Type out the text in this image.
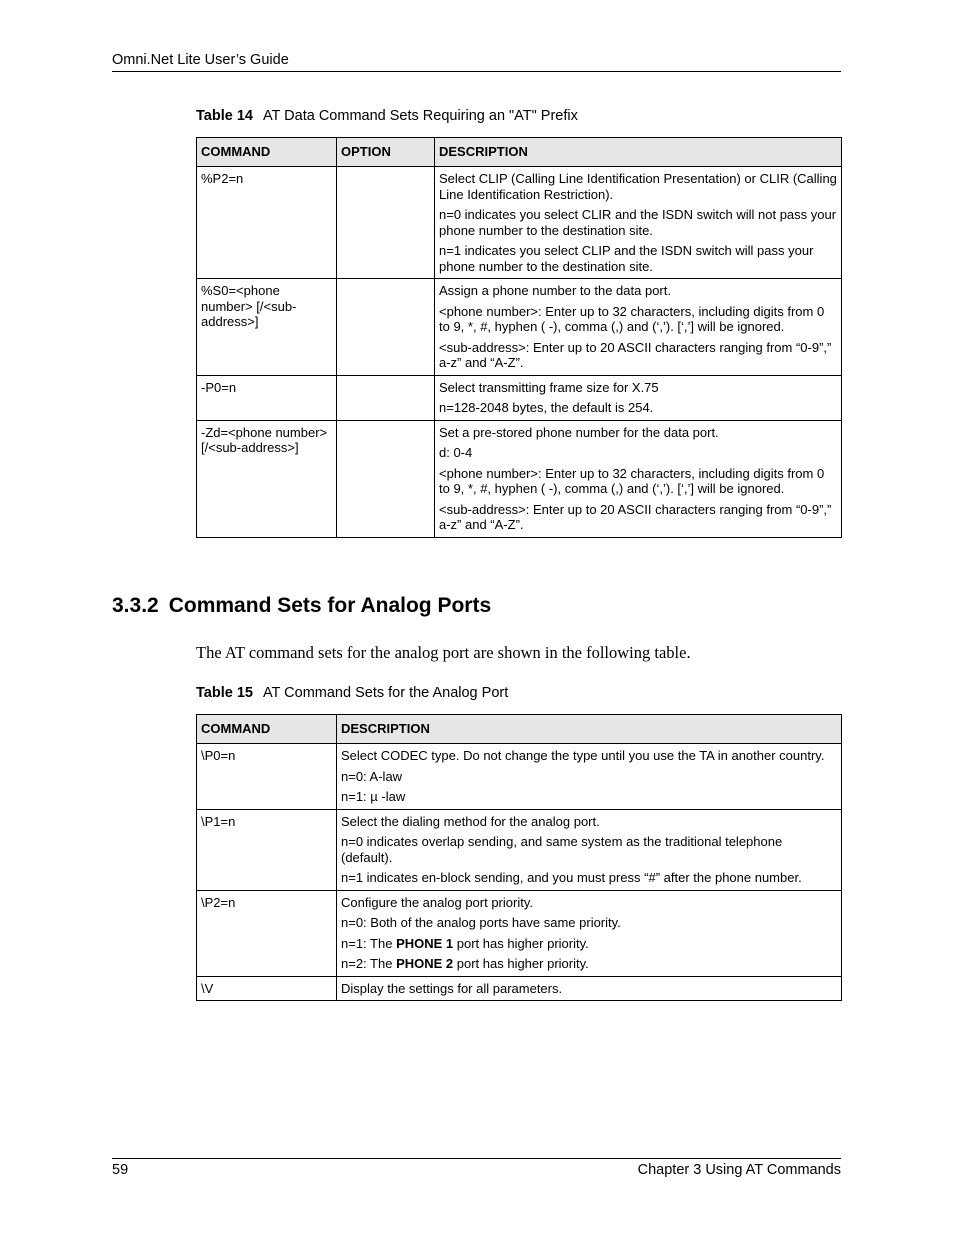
Omni.Net Lite User’s Guide
Table 14 AT Data Command Sets Requiring an "AT" Prefix
COMMAND	OPTION	DESCRIPTION
%P2=n		Select CLIP (Calling Line Identification Presentation) or CLIR (Calling Line Identification Restriction).

n=0 indicates you select CLIR and the ISDN switch will not pass your phone number to the destination site.

n=1 indicates you select CLIP and the ISDN switch will pass your phone number to the destination site.

%S0=<phone number> [/<sub-address>]		Assign a phone number to the data port.

<phone number>: Enter up to 32 characters, including digits from 0 to 9, *, #, hyphen ( -), comma (,) and (‘,’). [‘,’] will be ignored.

<sub-address>: Enter up to 20 ASCII characters ranging from “0-9”,” a-z” and “A-Z”.

-P0=n		Select transmitting frame size for X.75

n=128-2048 bytes, the default is 254.

-Zd=<phone number> [/<sub-address>]		Set a pre-stored phone number for the data port.

d: 0-4

<phone number>: Enter up to 32 characters, including digits from 0 to 9, *, #, hyphen ( -), comma (,) and (‘,’). [‘,’] will be ignored.

<sub-address>: Enter up to 20 ASCII characters ranging from “0-9”,” a-z” and “A-Z”.

3.3.2 Command Sets for Analog Ports
The AT command sets for the analog port are shown in the following table.
Table 15 AT Command Sets for the Analog Port
COMMAND	DESCRIPTION
\P0=n	Select CODEC type. Do not change the type until you use the TA in another country.

n=0: A-law

n=1: µ -law

\P1=n	Select the dialing method for the analog port.

n=0 indicates overlap sending, and same system as the traditional telephone (default).

n=1 indicates en-block sending, and you must press “#” after the phone number.

\P2=n	Configure the analog port priority.

n=0: Both of the analog ports have same priority.

n=1: The PHONE 1 port has higher priority.

n=2: The PHONE 2 port has higher priority.

\V	Display the settings for all parameters.

59	Chapter 3 Using AT Commands
